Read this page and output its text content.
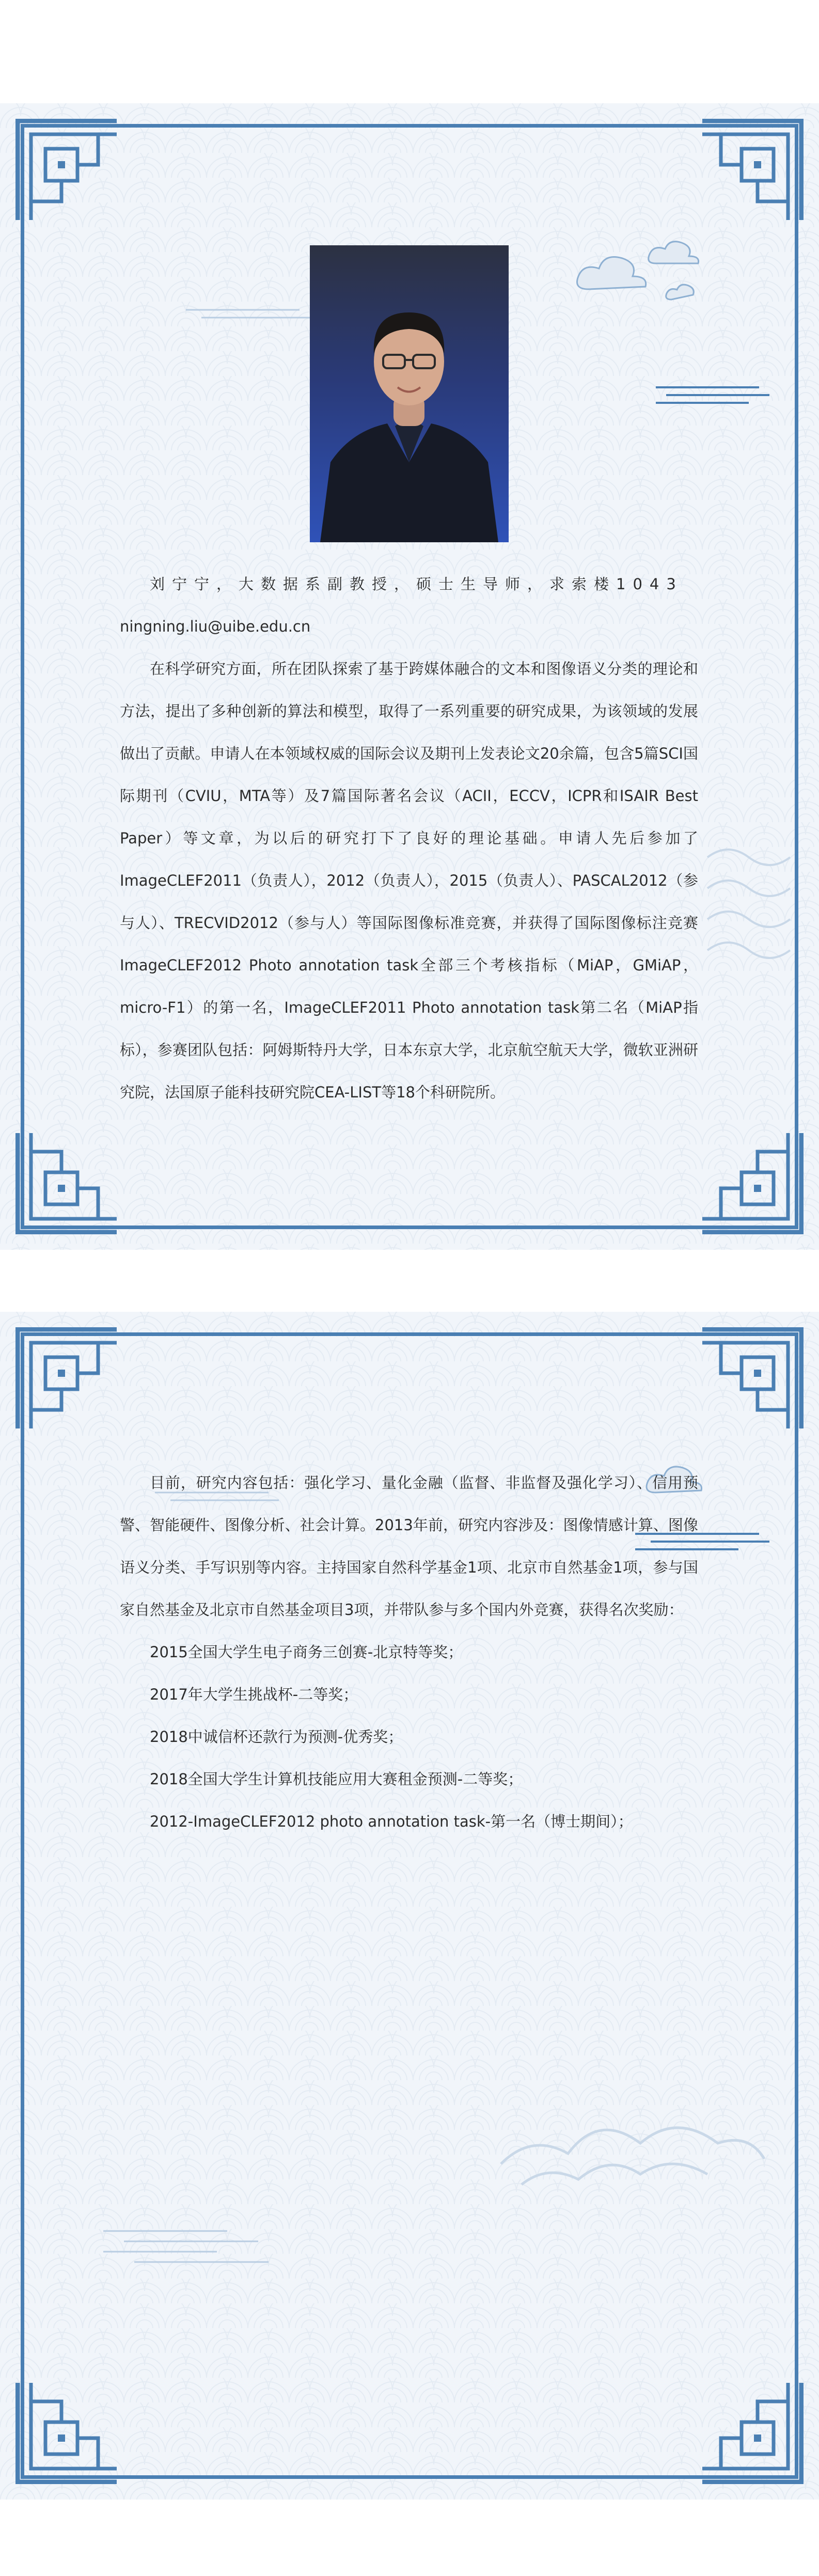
刘宁宁，大数据系副教授，硕士生导师，求索楼1043

ningning.liu@uibe.edu.cn

在科学研究方面，所在团队探索了基于跨媒体融合的文本和图像语义分类的理论和方法，提出了多种创新的算法和模型，取得了一系列重要的研究成果，为该领域的发展做出了贡献。申请人在本领域权威的国际会议及期刊上发表论文20余篇，包含5篇SCI国际期刊（CVIU，MTA等）及7篇国际著名会议（ACII，ECCV，ICPR和ISAIR Best Paper）等文章，为以后的研究打下了良好的理论基础。申请人先后参加了ImageCLEF2011（负责人），2012（负责人），2015（负责人）、PASCAL2012（参与人）、TRECVID2012（参与人）等国际图像标准竞赛，并获得了国际图像标注竞赛ImageCLEF2012 Photo annotation task全部三个考核指标（MiAP，GMiAP，micro-F1）的第一名，ImageCLEF2011 Photo annotation task第二名（MiAP指标），参赛团队包括：阿姆斯特丹大学，日本东京大学，北京航空航天大学，微软亚洲研究院，法国原子能科技研究院CEA-LIST等18个科研院所。

目前，研究内容包括：强化学习、量化金融（监督、非监督及强化学习）、信用预警、智能硬件、图像分析、社会计算。2013年前，研究内容涉及：图像情感计算、图像语义分类、手写识别等内容。主持国家自然科学基金1项、北京市自然基金1项，参与国家自然基金及北京市自然基金项目3项，并带队参与多个国内外竞赛，获得名次奖励：

2015全国大学生电子商务三创赛-北京特等奖；

2017年大学生挑战杯-二等奖；

2018中诚信杯还款行为预测-优秀奖；

2018全国大学生计算机技能应用大赛租金预测-二等奖；

2012-ImageCLEF2012 photo annotation task-第一名（博士期间）；
